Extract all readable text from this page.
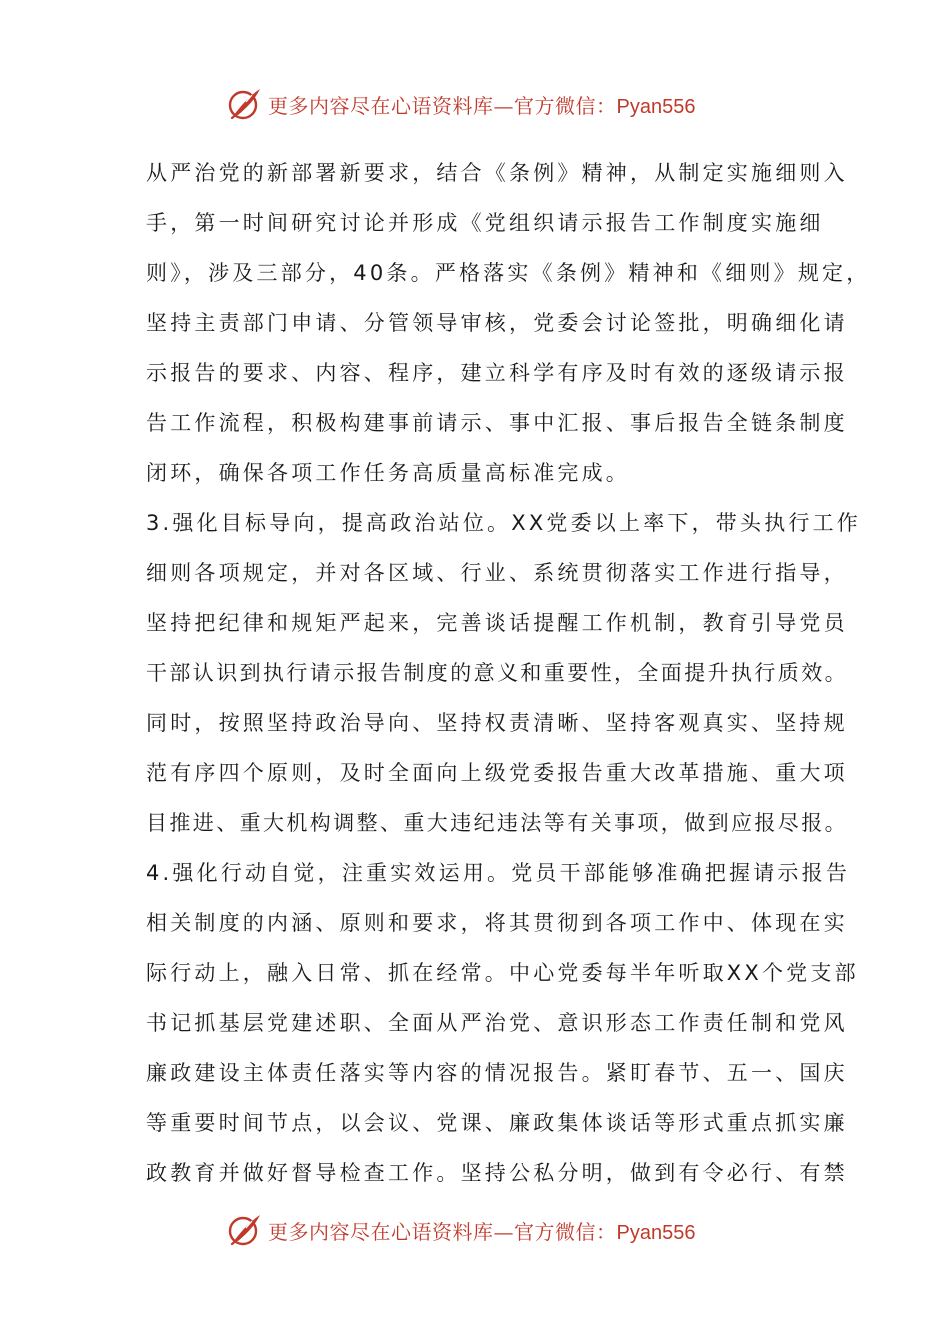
更多内容尽在心语资料库—官方微信：Pyan556
从严治党的新部署新要求，结合《条例》精神，从制定实施细则入
手，第一时间研究讨论并形成《党组织请示报告工作制度实施细
则》，涉及三部分，40条。严格落实《条例》精神和《细则》规定，
坚持主责部门申请、分管领导审核，党委会讨论签批，明确细化请
示报告的要求、内容、程序，建立科学有序及时有效的逐级请示报
告工作流程，积极构建事前请示、事中汇报、事后报告全链条制度
闭环，确保各项工作任务高质量高标准完成。
3.强化目标导向，提高政治站位。XX党委以上率下，带头执行工作
细则各项规定，并对各区域、行业、系统贯彻落实工作进行指导，
坚持把纪律和规矩严起来，完善谈话提醒工作机制，教育引导党员
干部认识到执行请示报告制度的意义和重要性，全面提升执行质效。
同时，按照坚持政治导向、坚持权责清晰、坚持客观真实、坚持规
范有序四个原则，及时全面向上级党委报告重大改革措施、重大项
目推进、重大机构调整、重大违纪违法等有关事项，做到应报尽报。
4.强化行动自觉，注重实效运用。党员干部能够准确把握请示报告
相关制度的内涵、原则和要求，将其贯彻到各项工作中、体现在实
际行动上，融入日常、抓在经常。中心党委每半年听取XX个党支部
书记抓基层党建述职、全面从严治党、意识形态工作责任制和党风
廉政建设主体责任落实等内容的情况报告。紧盯春节、五一、国庆
等重要时间节点，以会议、党课、廉政集体谈话等形式重点抓实廉
政教育并做好督导检查工作。坚持公私分明，做到有令必行、有禁
更多内容尽在心语资料库—官方微信：Pyan556
